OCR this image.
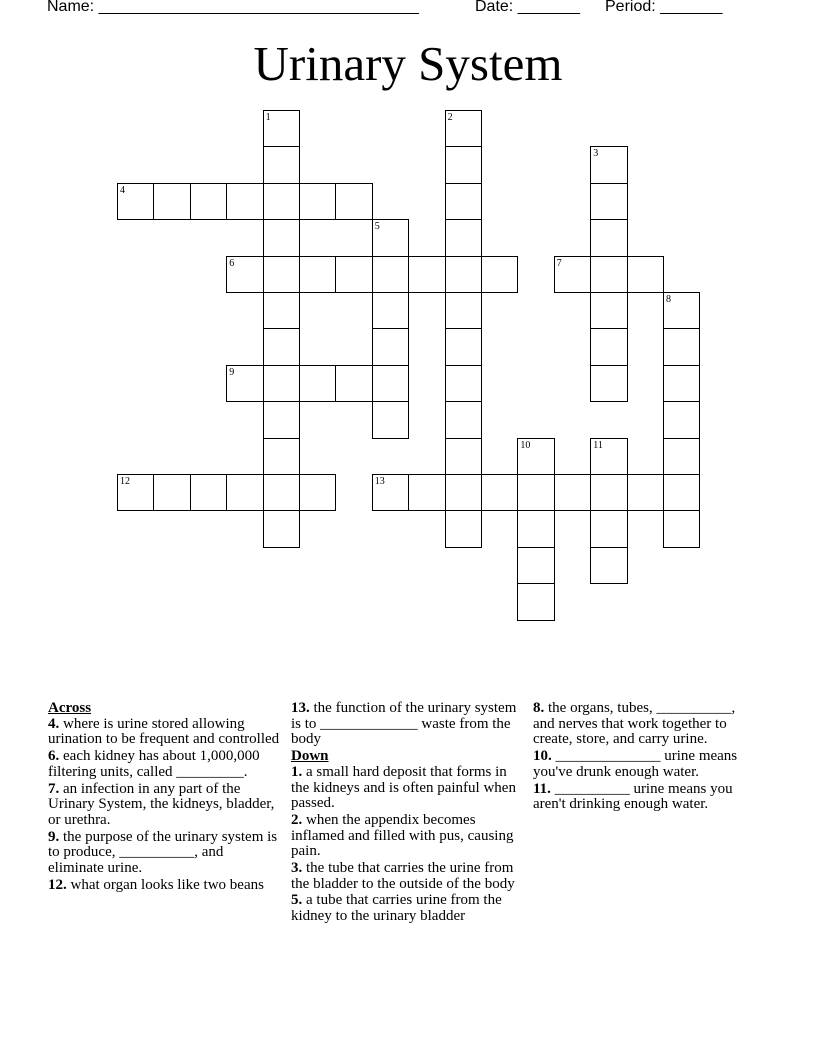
Name: ____________________________________	Date: _______ Period: _______
Urinary System
1	2
3
4
5
6	7
8
9
10	11
12	13
Across
4. where is urine stored allowing urination to be frequent and controlled
6. each kidney has about 1,000,000 filtering units, called _________.
7. an infection in any part of the Urinary System, the kidneys, bladder, or urethra.
9. the purpose of the urinary system is to produce, __________, and eliminate urine.
12. what organ looks like two beans
13. the function of the urinary system is to _____________ waste from the body
Down
1. a small hard deposit that forms in the kidneys and is often painful when passed.
2. when the appendix becomes inflamed and filled with pus, causing pain.
3. the tube that carries the urine from the bladder to the outside of the body
5. a tube that carries urine from the kidney to the urinary bladder
8. the organs, tubes, __________, and nerves that work together to create, store, and carry urine.
10. ______________ urine means you've drunk enough water.
11. __________ urine means you aren't drinking enough water.
